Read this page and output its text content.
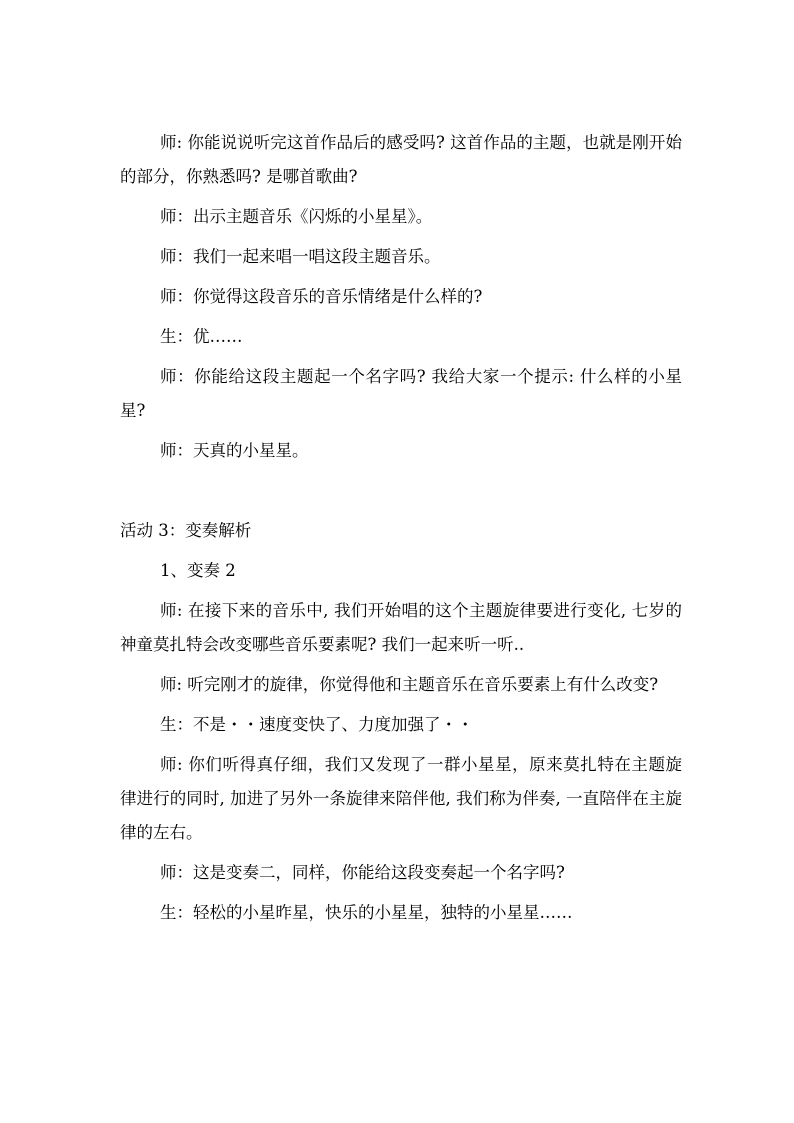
师: 你能说说听完这首作品后的感受吗? 这首作品的主题，也就是刚开始的部分，你熟悉吗? 是哪首歌曲?

师：出示主题音乐《闪烁的小星星》。

师：我们一起来唱一唱这段主题音乐。

师：你觉得这段音乐的音乐情绪是什么样的?

生：优……

师：你能给这段主题起一个名字吗? 我给大家一个提示: 什么样的小星星?

师：天真的小星星。

活动 3：变奏解析

1、变奏 2

师: 在接下来的音乐中, 我们开始唱的这个主题旋律要进行变化, 七岁的神童莫扎特会改变哪些音乐要素呢? 我们一起来听一听..

师: 听完刚才的旋律，你觉得他和主题音乐在音乐要素上有什么改变?

生：不是・・速度变快了、力度加强了・・

师: 你们听得真仔细，我们又发现了一群小星星，原来莫扎特在主题旋律进行的同时, 加进了另外一条旋律来陪伴他, 我们称为伴奏, 一直陪伴在主旋律的左右。

师：这是变奏二，同样，你能给这段变奏起一个名字吗?

生：轻松的小星昨星，快乐的小星星，独特的小星星……
